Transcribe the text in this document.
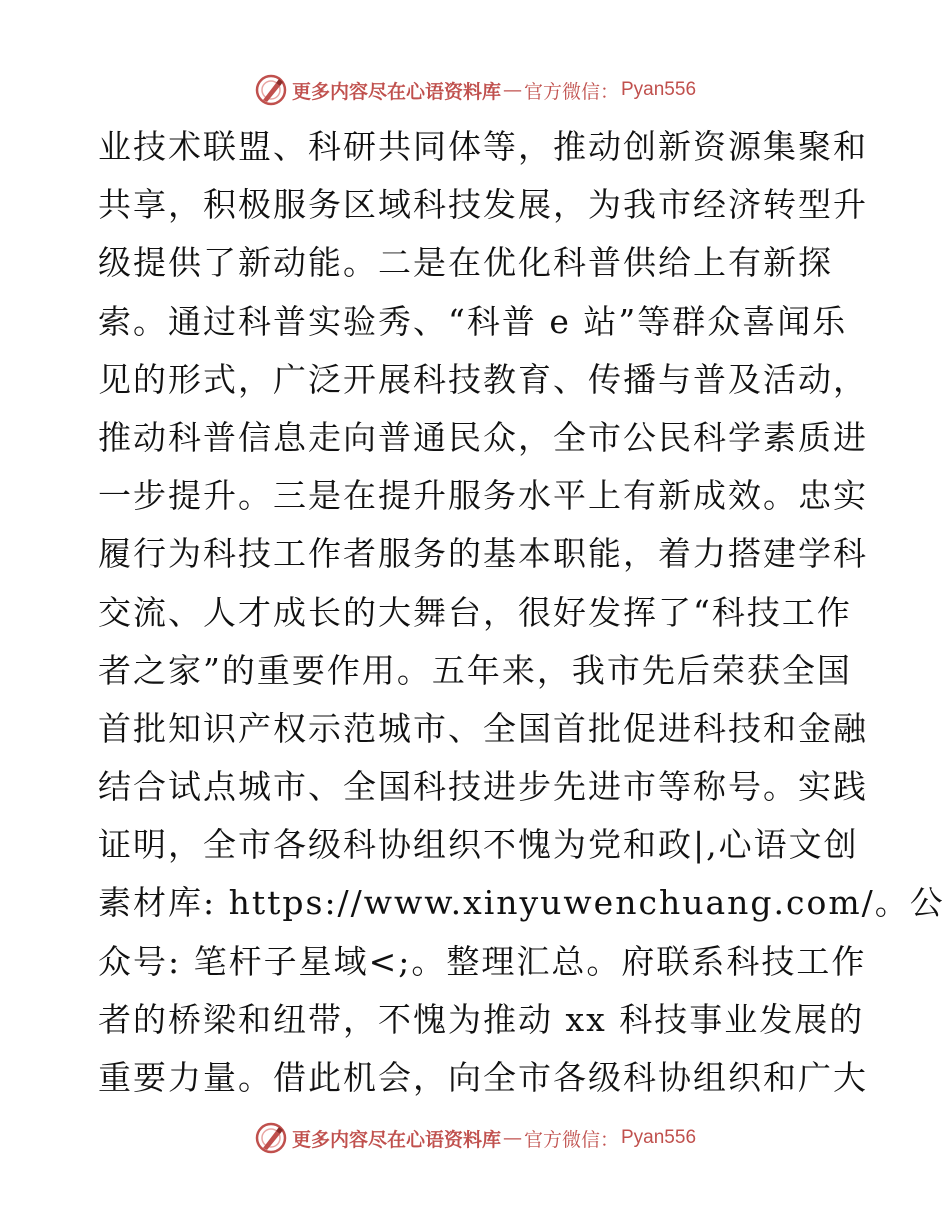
更多内容尽在心语资料库 — 官方微信： Pyan556
业技术联盟、科研共同体等，推动创新资源集聚和
共享，积极服务区域科技发展，为我市经济转型升
级提供了新动能。二是在优化科普供给上有新探
索。通过科普实验秀、“科普 e 站”等群众喜闻乐
见的形式，广泛开展科技教育、传播与普及活动，
推动科普信息走向普通民众，全市公民科学素质进
一步提升。三是在提升服务水平上有新成效。忠实
履行为科技工作者服务的基本职能，着力搭建学科
交流、人才成长的大舞台，很好发挥了“科技工作
者之家”的重要作用。五年来，我市先后荣获全国
首批知识产权示范城市、全国首批促进科技和金融
结合试点城市、全国科技进步先进市等称号。实践
证明，全市各级科协组织不愧为党和政|,心语文创
素材库: https://www.xinyuwenchuang.com/。公
众号: 笔杆子星域<;。整理汇总。府联系科技工作
者的桥梁和纽带，不愧为推动 xx 科技事业发展的
重要力量。借此机会，向全市各级科协组织和广大
更多内容尽在心语资料库 — 官方微信： Pyan556
